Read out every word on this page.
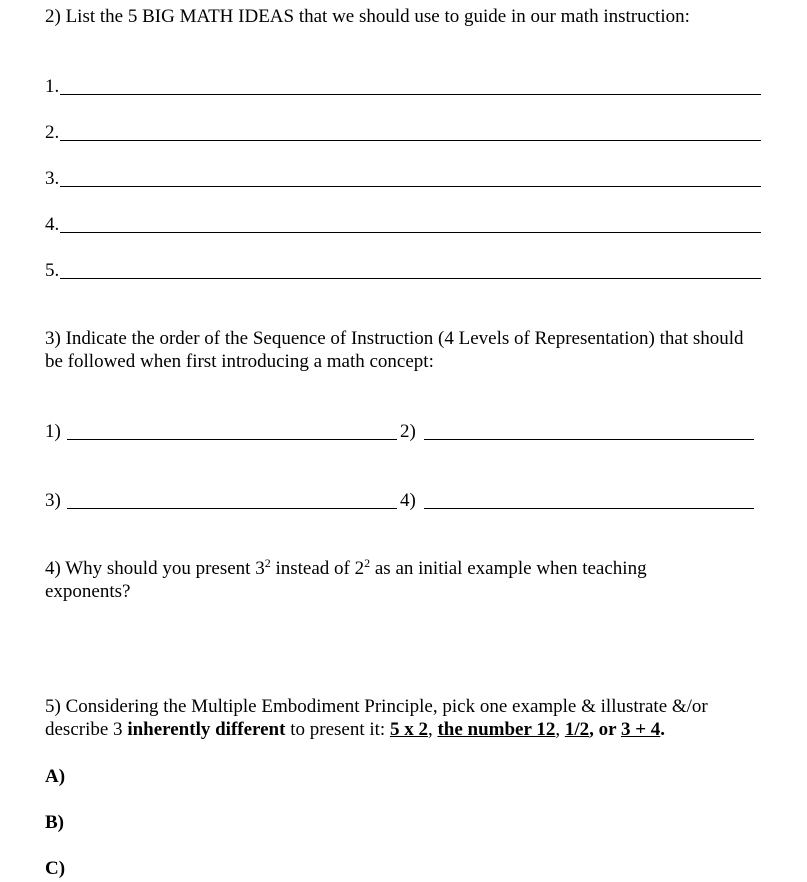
2) List the 5 BIG MATH IDEAS that we should use to guide in our math instruction:
1.
2.
3.
4.
5.
3) Indicate the order of the Sequence of Instruction (4 Levels of Representation) that should be followed when first introducing a math concept:
1)	2)
3)	4)
4) Why should you present $3^2$ instead of $2^2$ as an initial example when teaching exponents?
5) Considering the Multiple Embodiment Principle, pick one example & illustrate &/or describe 3 inherently different to present it: 5 x 2, the number 12, 1/2, or 3 + 4.
A)
B)
C)
